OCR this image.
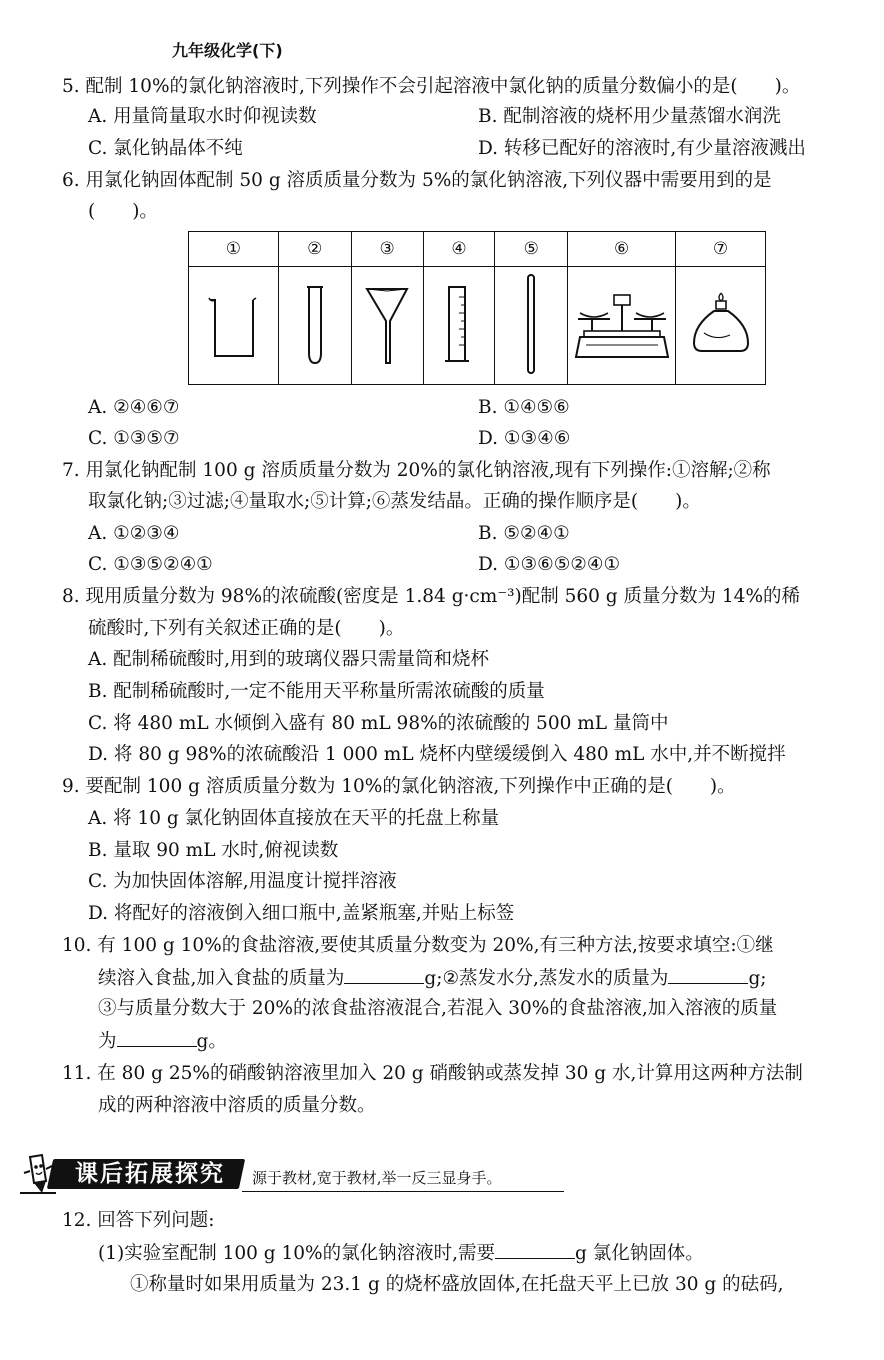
九年级化学(下)
5. 配制 10%的氯化钠溶液时,下列操作不会引起溶液中氯化钠的质量分数偏小的是(　　)。
A. 用量筒量取水时仰视读数	B. 配制溶液的烧杯用少量蒸馏水润洗
C. 氯化钠晶体不纯	D. 转移已配好的溶液时,有少量溶液溅出
6. 用氯化钠固体配制 50 g 溶质质量分数为 5%的氯化钠溶液,下列仪器中需要用到的是
(　　)。
①	②	③	④	⑤	⑥	⑦

A. ②④⑥⑦	B. ①④⑤⑥
C. ①③⑤⑦	D. ①③④⑥
7. 用氯化钠配制 100 g 溶质质量分数为 20%的氯化钠溶液,现有下列操作:①溶解;②称
取氯化钠;③过滤;④量取水;⑤计算;⑥蒸发结晶。正确的操作顺序是(　　)。
A. ①②③④	B. ⑤②④①
C. ①③⑤②④①	D. ①③⑥⑤②④①
8. 现用质量分数为 98%的浓硫酸(密度是 1.84 g·cm⁻³)配制 560 g 质量分数为 14%的稀
硫酸时,下列有关叙述正确的是(　　)。
A. 配制稀硫酸时,用到的玻璃仪器只需量筒和烧杯
B. 配制稀硫酸时,一定不能用天平称量所需浓硫酸的质量
C. 将 480 mL 水倾倒入盛有 80 mL 98%的浓硫酸的 500 mL 量筒中
D. 将 80 g 98%的浓硫酸沿 1 000 mL 烧杯内壁缓缓倒入 480 mL 水中,并不断搅拌
9. 要配制 100 g 溶质质量分数为 10%的氯化钠溶液,下列操作中正确的是(　　)。
A. 将 10 g 氯化钠固体直接放在天平的托盘上称量
B. 量取 90 mL 水时,俯视读数
C. 为加快固体溶解,用温度计搅拌溶液
D. 将配好的溶液倒入细口瓶中,盖紧瓶塞,并贴上标签
10. 有 100 g 10%的食盐溶液,要使其质量分数变为 20%,有三种方法,按要求填空:①继
续溶入食盐,加入食盐的质量为	g;②蒸发水分,蒸发水的质量为	g;
③与质量分数大于 20%的浓食盐溶液混合,若混入 30%的食盐溶液,加入溶液的质量
为	g。
11. 在 80 g 25%的硝酸钠溶液里加入 20 g 硝酸钠或蒸发掉 30 g 水,计算用这两种方法制
成的两种溶液中溶质的质量分数。
课后拓展探究	源于教材,宽于教材,举一反三显身手。
12. 回答下列问题:
(1)实验室配制 100 g 10%的氯化钠溶液时,需要	g 氯化钠固体。
①称量时如果用质量为 23.1 g 的烧杯盛放固体,在托盘天平上已放 30 g 的砝码,
